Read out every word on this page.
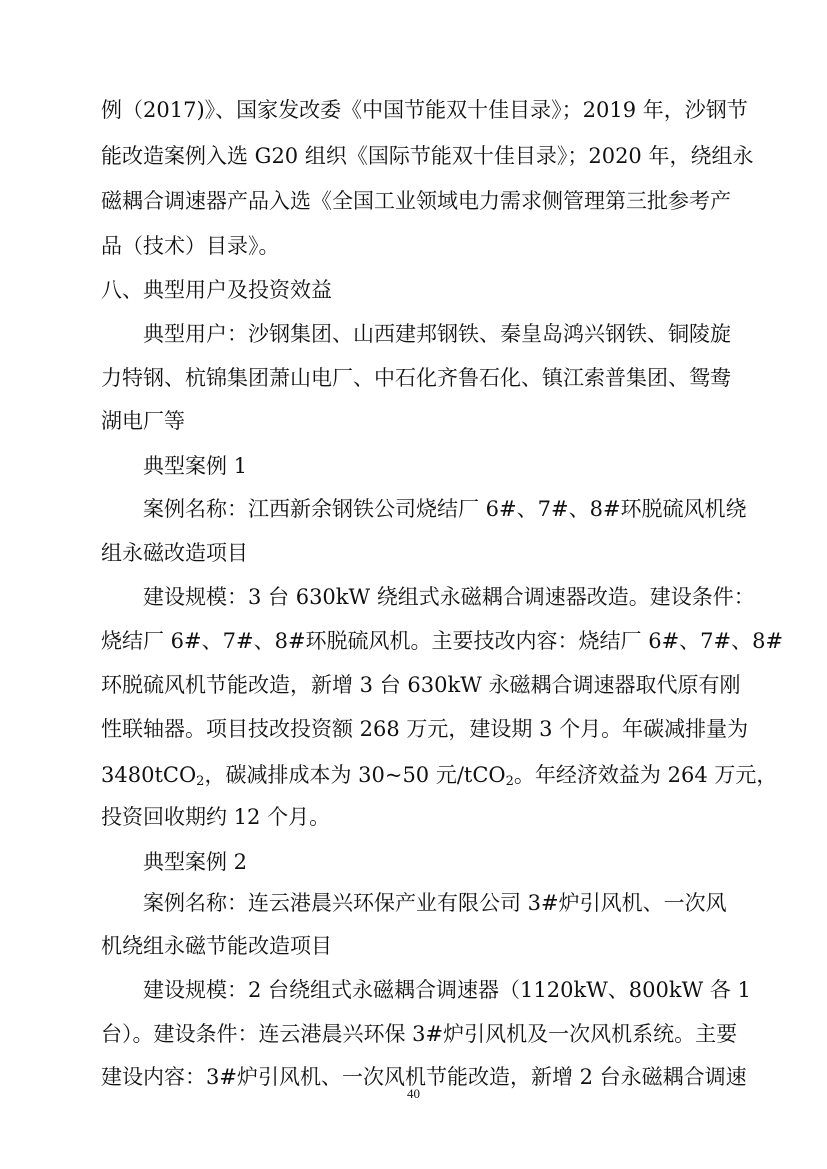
例（2017)》、国家发改委《中国节能双十佳目录》；2019 年，沙钢节
能改造案例入选 G20 组织《国际节能双十佳目录》；2020 年，绕组永
磁耦合调速器产品入选《全国工业领域电力需求侧管理第三批参考产
品（技术）目录》。
八、典型用户及投资效益
典型用户：沙钢集团、山西建邦钢铁、秦皇岛鸿兴钢铁、铜陵旋
力特钢、杭锦集团萧山电厂、中石化齐鲁石化、镇江索普集团、鸳鸯
湖电厂等
典型案例 1
案例名称：江西新余钢铁公司烧结厂 6#、7#、8#环脱硫风机绕
组永磁改造项目
建设规模：3 台 630kW 绕组式永磁耦合调速器改造。建设条件：
烧结厂 6#、7#、8#环脱硫风机。主要技改内容：烧结厂 6#、7#、8#
环脱硫风机节能改造，新增 3 台 630kW 永磁耦合调速器取代原有刚
性联轴器。项目技改投资额 268 万元，建设期 3 个月。年碳减排量为
3480tCO$_2$，碳减排成本为 30~50 元/tCO$_2$。年经济效益为 264 万元，
投资回收期约 12 个月。
典型案例 2
案例名称：连云港晨兴环保产业有限公司 3#炉引风机、一次风
机绕组永磁节能改造项目
建设规模：2 台绕组式永磁耦合调速器（1120kW、800kW 各 1
台）。建设条件：连云港晨兴环保 3#炉引风机及一次风机系统。主要
建设内容：3#炉引风机、一次风机节能改造，新增 2 台永磁耦合调速
40
